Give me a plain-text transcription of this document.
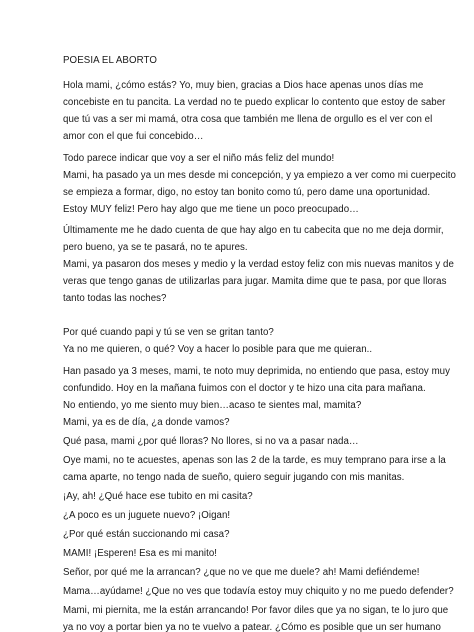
POESIA EL ABORTO
Hola mami, ¿cómo estás? Yo, muy bien, gracias a Dios hace apenas unos días me
concebiste en tu pancita. La verdad no te puedo explicar lo contento que estoy de saber
que tú vas a ser mi mamá, otra cosa que también me llena de orgullo es el ver con el
amor con el que fui concebido…
Todo parece indicar que voy a ser el niño más feliz del mundo!
Mami, ha pasado ya un mes desde mi concepción, y ya empiezo a ver como mi cuerpecito
se empieza a formar, digo, no estoy tan bonito como tú, pero dame una oportunidad.
Estoy MUY feliz! Pero hay algo que me tiene un poco preocupado…
Últimamente me he dado cuenta de que hay algo en tu cabecita que no me deja dormir,
pero bueno, ya se te pasará, no te apures.
Mami, ya pasaron dos meses y medio y la verdad estoy feliz con mis nuevas manitos y de
veras que tengo ganas de utilizarlas para jugar. Mamita dime que te pasa, por que lloras
tanto todas las noches?
Por qué cuando papi y tú se ven se gritan tanto?
Ya no me quieren, o qué? Voy a hacer lo posible para que me quieran..
Han pasado ya 3 meses, mami, te noto muy deprimida, no entiendo que pasa, estoy muy
confundido. Hoy en la mañana fuimos con el doctor y te hizo una cita para mañana.
No entiendo, yo me siento muy bien…acaso te sientes mal, mamita?
Mami, ya es de día, ¿a donde vamos?
Qué pasa, mami ¿por qué lloras? No llores, si no va a pasar nada…
Oye mami, no te acuestes, apenas son las 2 de la tarde, es muy temprano para irse a la
cama aparte, no tengo nada de sueño, quiero seguir jugando con mis manitas.
¡Ay, ah! ¿Qué hace ese tubito en mi casita?
¿A poco es un juguete nuevo? ¡Oigan!
¿Por qué están succionando mi casa?
MAMI! ¡Esperen! Esa es mi manito!
Señor, por qué me la arrancan? ¿que no ve que me duele? ah! Mami defiéndeme!
Mama…ayúdame! ¿Que no ves que todavía estoy muy chiquito y no me puedo defender?
Mami, mi piernita, me la están arrancando! Por favor diles que ya no sigan, te lo juro que
ya no voy a portar bien ya no te vuelvo a patear. ¿Cómo es posible que un ser humano
